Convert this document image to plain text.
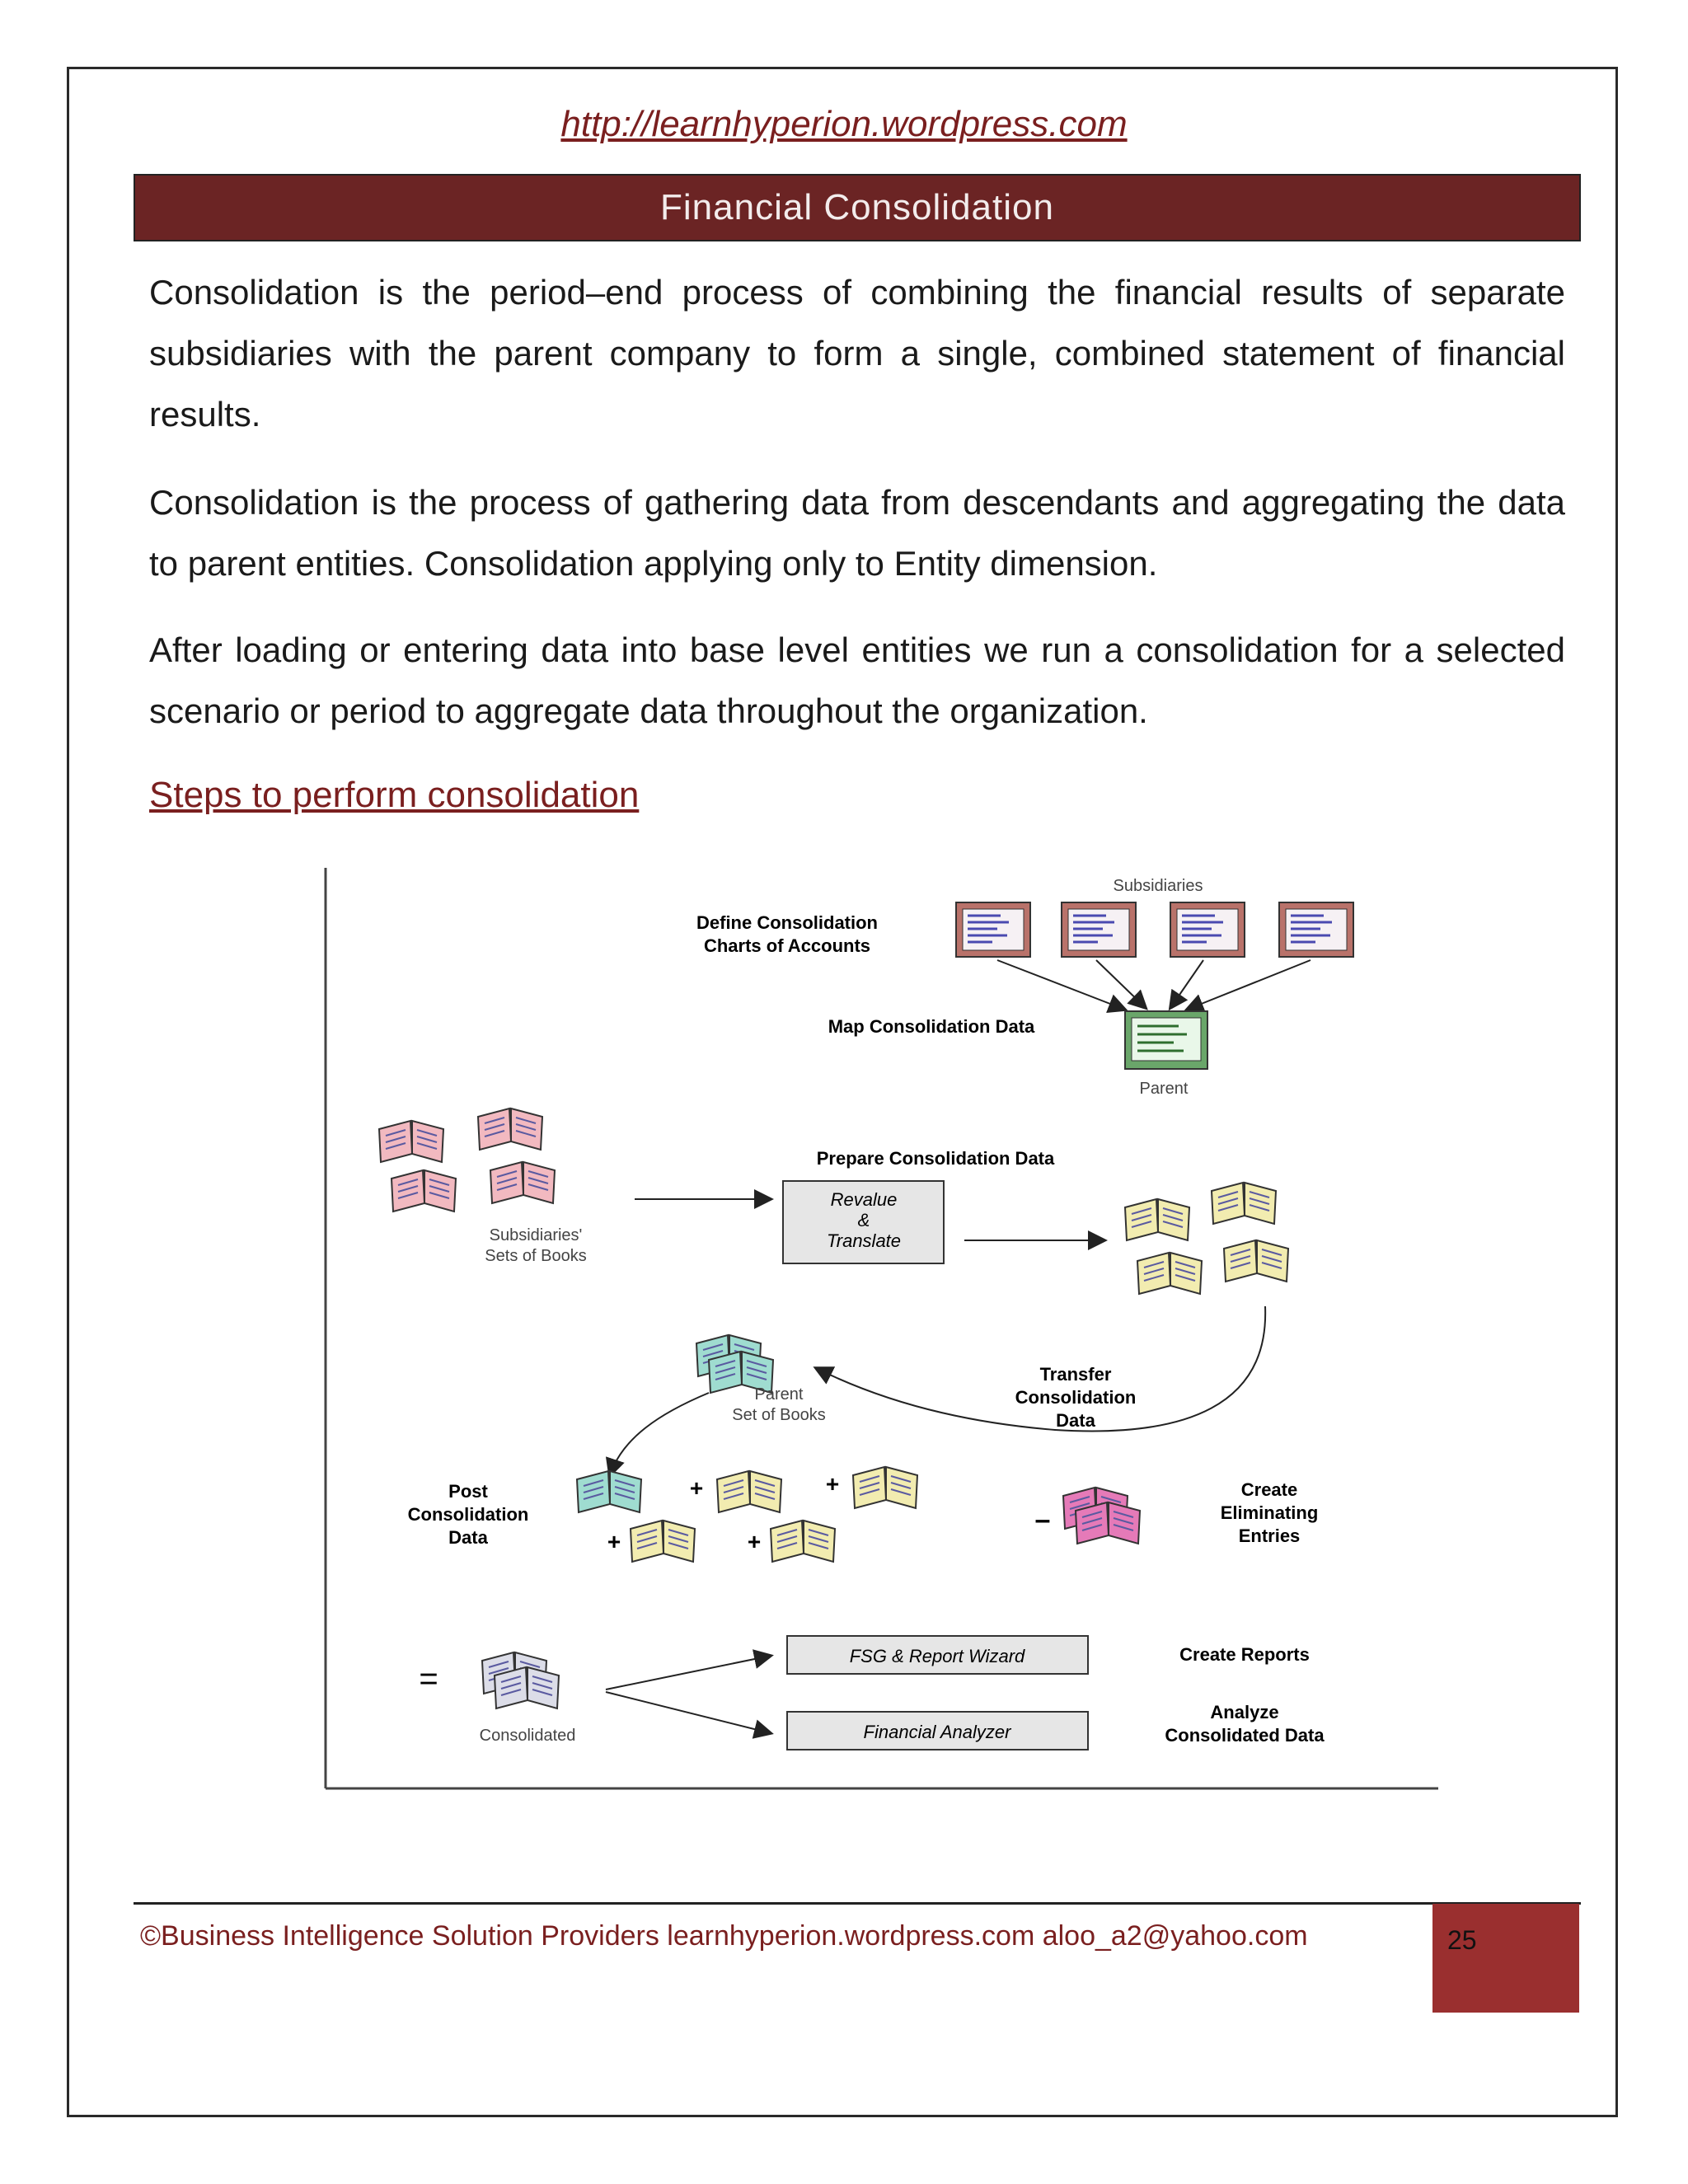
http://learnhyperion.wordpress.com
Financial Consolidation

Consolidation is the period–end process of combining the financial results of separate subsidiaries with the parent company to form a single, combined statement of financial results.

Consolidation is the process of gathering data from descendants and aggregating the data to parent entities. Consolidation applying only to Entity dimension.

After loading or entering data into base level entities we run a consolidation for a selected scenario or period to aggregate data throughout the organization.

Steps to perform consolidation
Subsidiaries
Define Consolidation
Charts of Accounts
Map Consolidation Data
Parent
Subsidiaries'
Sets of Books
Prepare Consolidation Data
Revalue
&
Translate
Transfer
Consolidation
Data
Parent
Set of Books
Post
Consolidation
Data
+	+
+	+
–
Create
Eliminating
Entries
=
Consolidated
FSG & Report Wizard
Financial Analyzer
Create Reports
Analyze
Consolidated Data
©Business Intelligence Solution Providers learnhyperion.wordpress.com aloo_a2@yahoo.com	25
